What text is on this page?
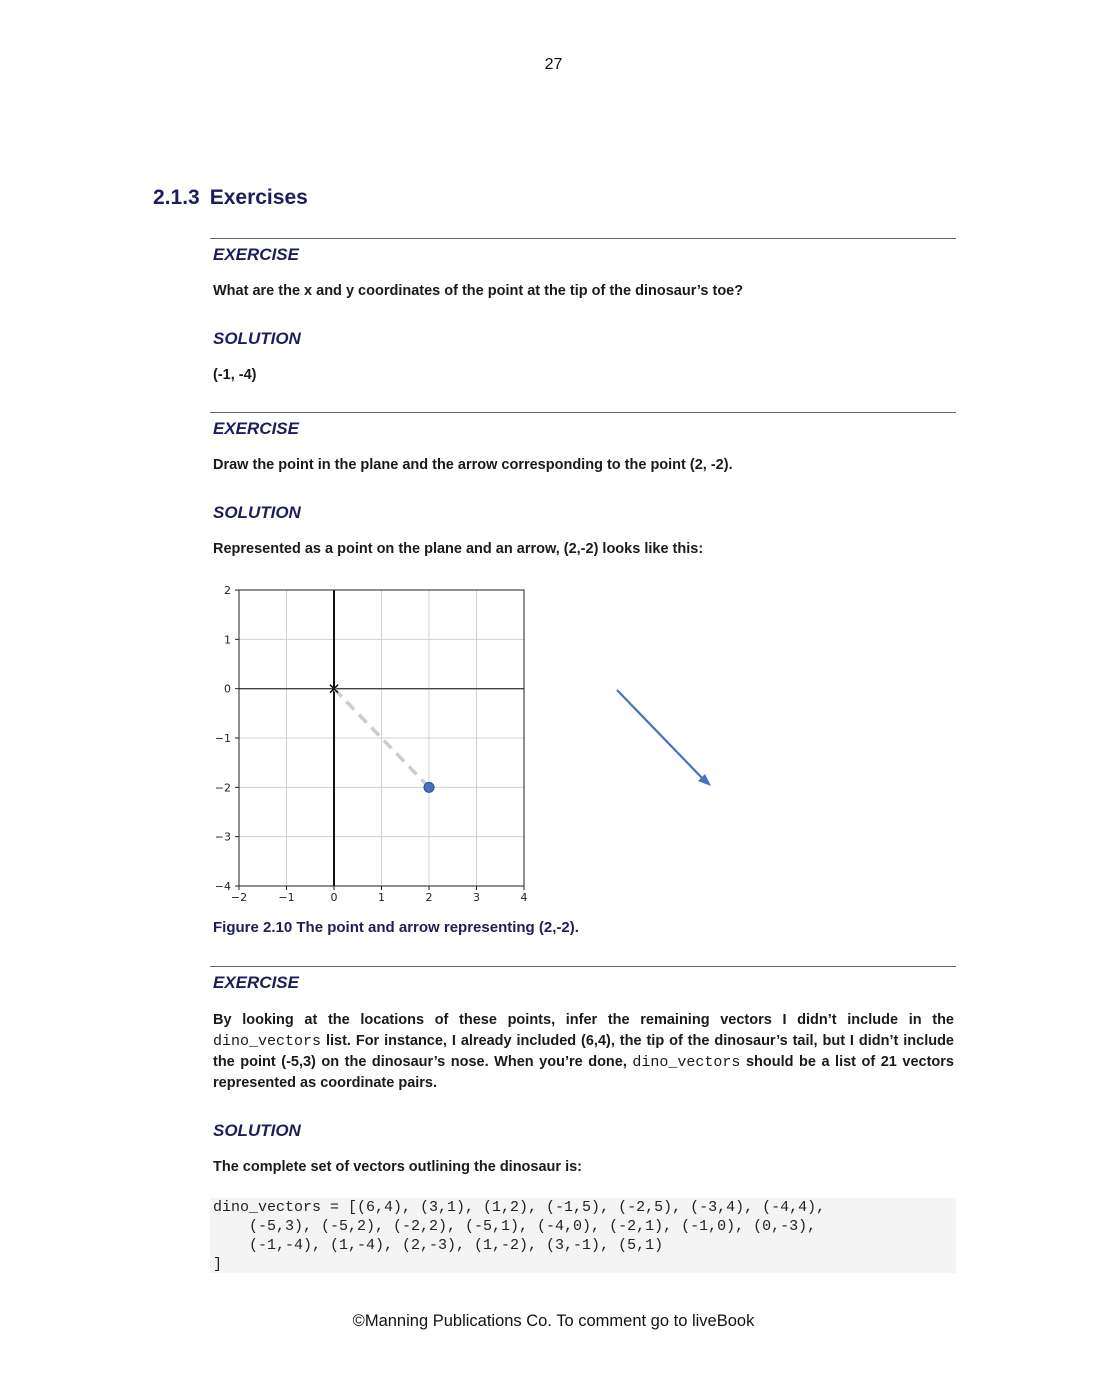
27
2.1.3 Exercises
EXERCISE
What are the x and y coordinates of the point at the tip of the dinosaur’s toe?
SOLUTION
(-1, -4)
EXERCISE
Draw the point in the plane and the arrow corresponding to the point (2, -2).
SOLUTION
Represented as a point on the plane and an arrow, (2,-2) looks like this:
−2	−1	0	1	2	3	4
2
1
0
−1
−2
−3
−4
Figure 2.10 The point and arrow representing (2,-2).
EXERCISE
By looking at the locations of these points, infer the remaining vectors I didn’t include in the dino_vectors list. For instance, I already included (6,4), the tip of the dinosaur’s tail, but I didn’t include the point (-5,3) on the dinosaur’s nose. When you’re done, dino_vectors should be a list of 21 vectors represented as coordinate pairs.
SOLUTION
The complete set of vectors outlining the dinosaur is:
dino_vectors = [(6,4), (3,1), (1,2), (-1,5), (-2,5), (-3,4), (-4,4),
(-5,3), (-5,2), (-2,2), (-5,1), (-4,0), (-2,1), (-1,0), (0,-3),
(-1,-4), (1,-4), (2,-3), (1,-2), (3,-1), (5,1)
]
©Manning Publications Co. To comment go to liveBook
